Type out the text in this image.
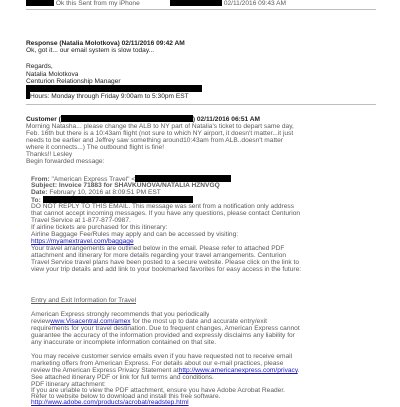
Ok this Sent from my iPhone	02/11/2016 09:43 AM
Response (Natalia Molotkova) 02/11/2016 09:42 AM
Ok, got it... our email system is slow today...
Regards,
Natalia Molotkova
Centurion Relationship Manager
Hours: Monday through Friday 9:00am to 5:30pm EST
Customer (	) 02/11/2016 06:51 AM
Morning Natasha... please change the ALB to NY part of Natalia's ticket to depart same day,
Feb. 16th but there is a 10:43am flight (not sure to which NY airport, it doesn't matter...it just
needs to be earlier and Jeffrey saw something around10:43am from ALB..doesn't matter
where it connects...) The outbound flight is fine!
Thanks!! Lesley
Begin forwarded message:
From: "American Express Travel" <
Subject: Invoice 71883 for SHAVKUNOVA/NATALIA HZNVGQ
Date: February 10, 2016 at 8:09:51 PM EST
To:
DO NOT REPLY TO THIS EMAIL. This message was sent from a notification only address
that cannot accept incoming messages. If you have any questions, please contact Centurion
Travel Service at 1-877-877-0987.
If airline tickets are purchased for this itinerary:
Airline Baggage Fee/Rules may apply and can be accessed by visiting:
https://myamextravel.com/baggage
Your travel arrangements are outlined below in the email. Please refer to attached PDF
attachment and itinerary for more details regarding your travel arrangements. Centurion
Travel Service travel plans have been posted to a secure website. Please click on the link to
view your trip details and add link to your bookmarked favorites for easy access in the future:
Entry and Exit Information for Travel
American Express strongly recommends that you periodically
reviewwww.Visacentral.com/amex for the most up to date and accurate entry/exit
requirements for your travel destination. Due to frequent changes, American Express cannot
guarantee the accuracy of the information provided and expressly disclaims any liability for
any inaccurate or incomplete information contained on that site.
You may receive customer service emails even if you have requested not to receive email
marketing offers from American Express. For details about our e-mail practices, please
review the American Express Privacy Statement athttp://www.americanexpress.com/privacy.
See attached itinerary PDF or link for full terms and conditions.
PDF itinerary attachment:
If you are unable to view the PDF attachment, ensure you have Adobe Acrobat Reader.
Refer to website below to download and install this free software.
http://www.adobe.com/products/acrobat/readstep.html
